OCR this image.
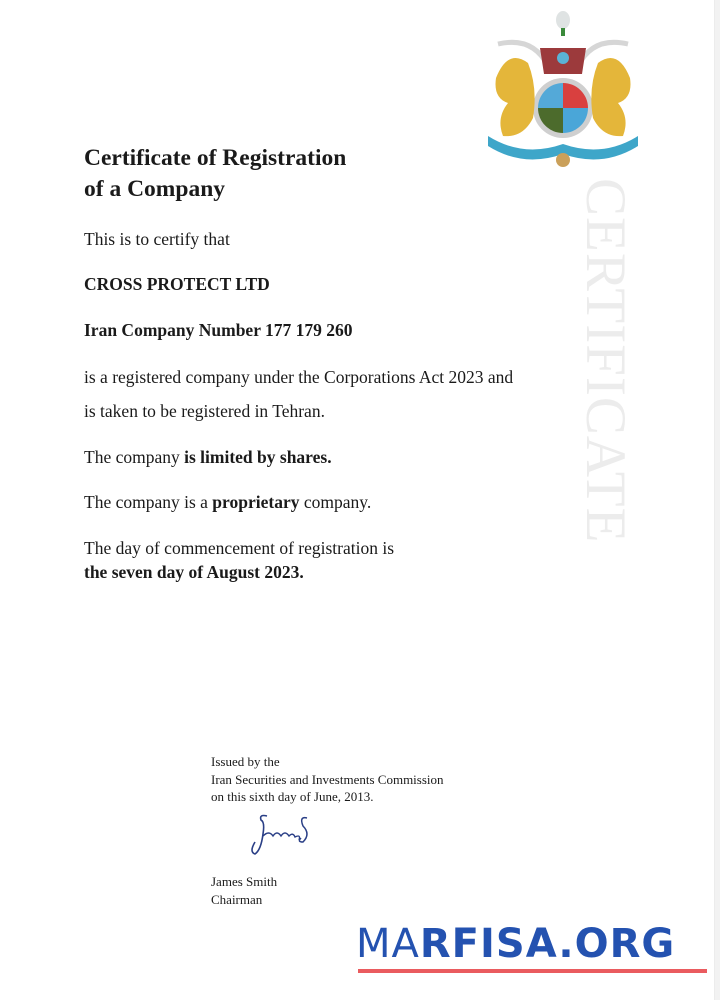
CERTIFICATE
Certificate of Registration
of a Company

This is to certify that

CROSS PROTECT LTD

Iran Company Number 177 179 260

is a registered company under the Corporations Act 2023 and

is taken to be registered in Tehran.

The company is limited by shares.

The company is a proprietary company.

The day of commencement of registration is

the seven day of August 2023.

Issued by the
Iran Securities and Investments Commission
on this sixth day of June, 2013.
James Smith
Chairman
MARFISA.ORG
